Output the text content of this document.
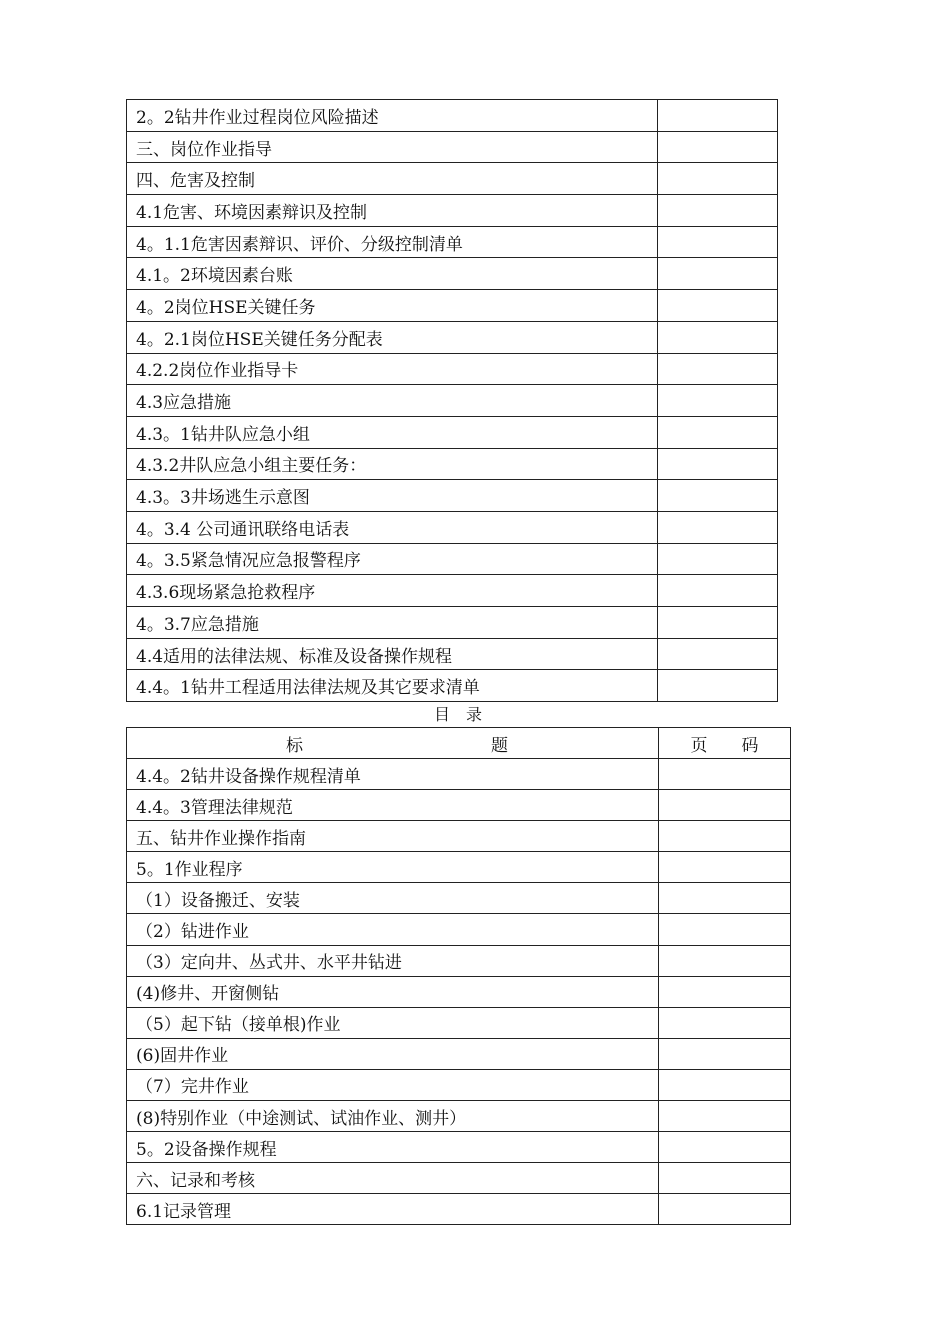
2。2钻井作业过程岗位风险描述	
三、岗位作业指导	
四、危害及控制	
4.1危害、环境因素辩识及控制	
4。1.1危害因素辩识、评价、分级控制清单	
4.1。2环境因素台账	
4。2岗位HSE关键任务	
4。2.1岗位HSE关键任务分配表	
4.2.2岗位作业指导卡	
4.3应急措施	
4.3。1钻井队应急小组	
4.3.2井队应急小组主要任务：	
4.3。3井场逃生示意图	
4。3.4 公司通讯联络电话表	
4。3.5紧急情况应急报警程序	
4.3.6现场紧急抢救程序	
4。3.7应急措施	
4.4适用的法律法规、标准及设备操作规程	
4.4。1钻井工程适用法律法规及其它要求清单	
目　录
标 题	页　　码
4.4。2钻井设备操作规程清单	
4.4。3管理法律规范	
五、钻井作业操作指南	
5。1作业程序	
（1）设备搬迁、安装	
（2）钻进作业	
（3）定向井、丛式井、水平井钻进	
(4)修井、开窗侧钻	
（5）起下钻（接单根)作业	
(6)固井作业	
（7）完井作业	
(8)特别作业（中途测试、试油作业、测井）	
5。2设备操作规程	
六、记录和考核	
6.1记录管理	
